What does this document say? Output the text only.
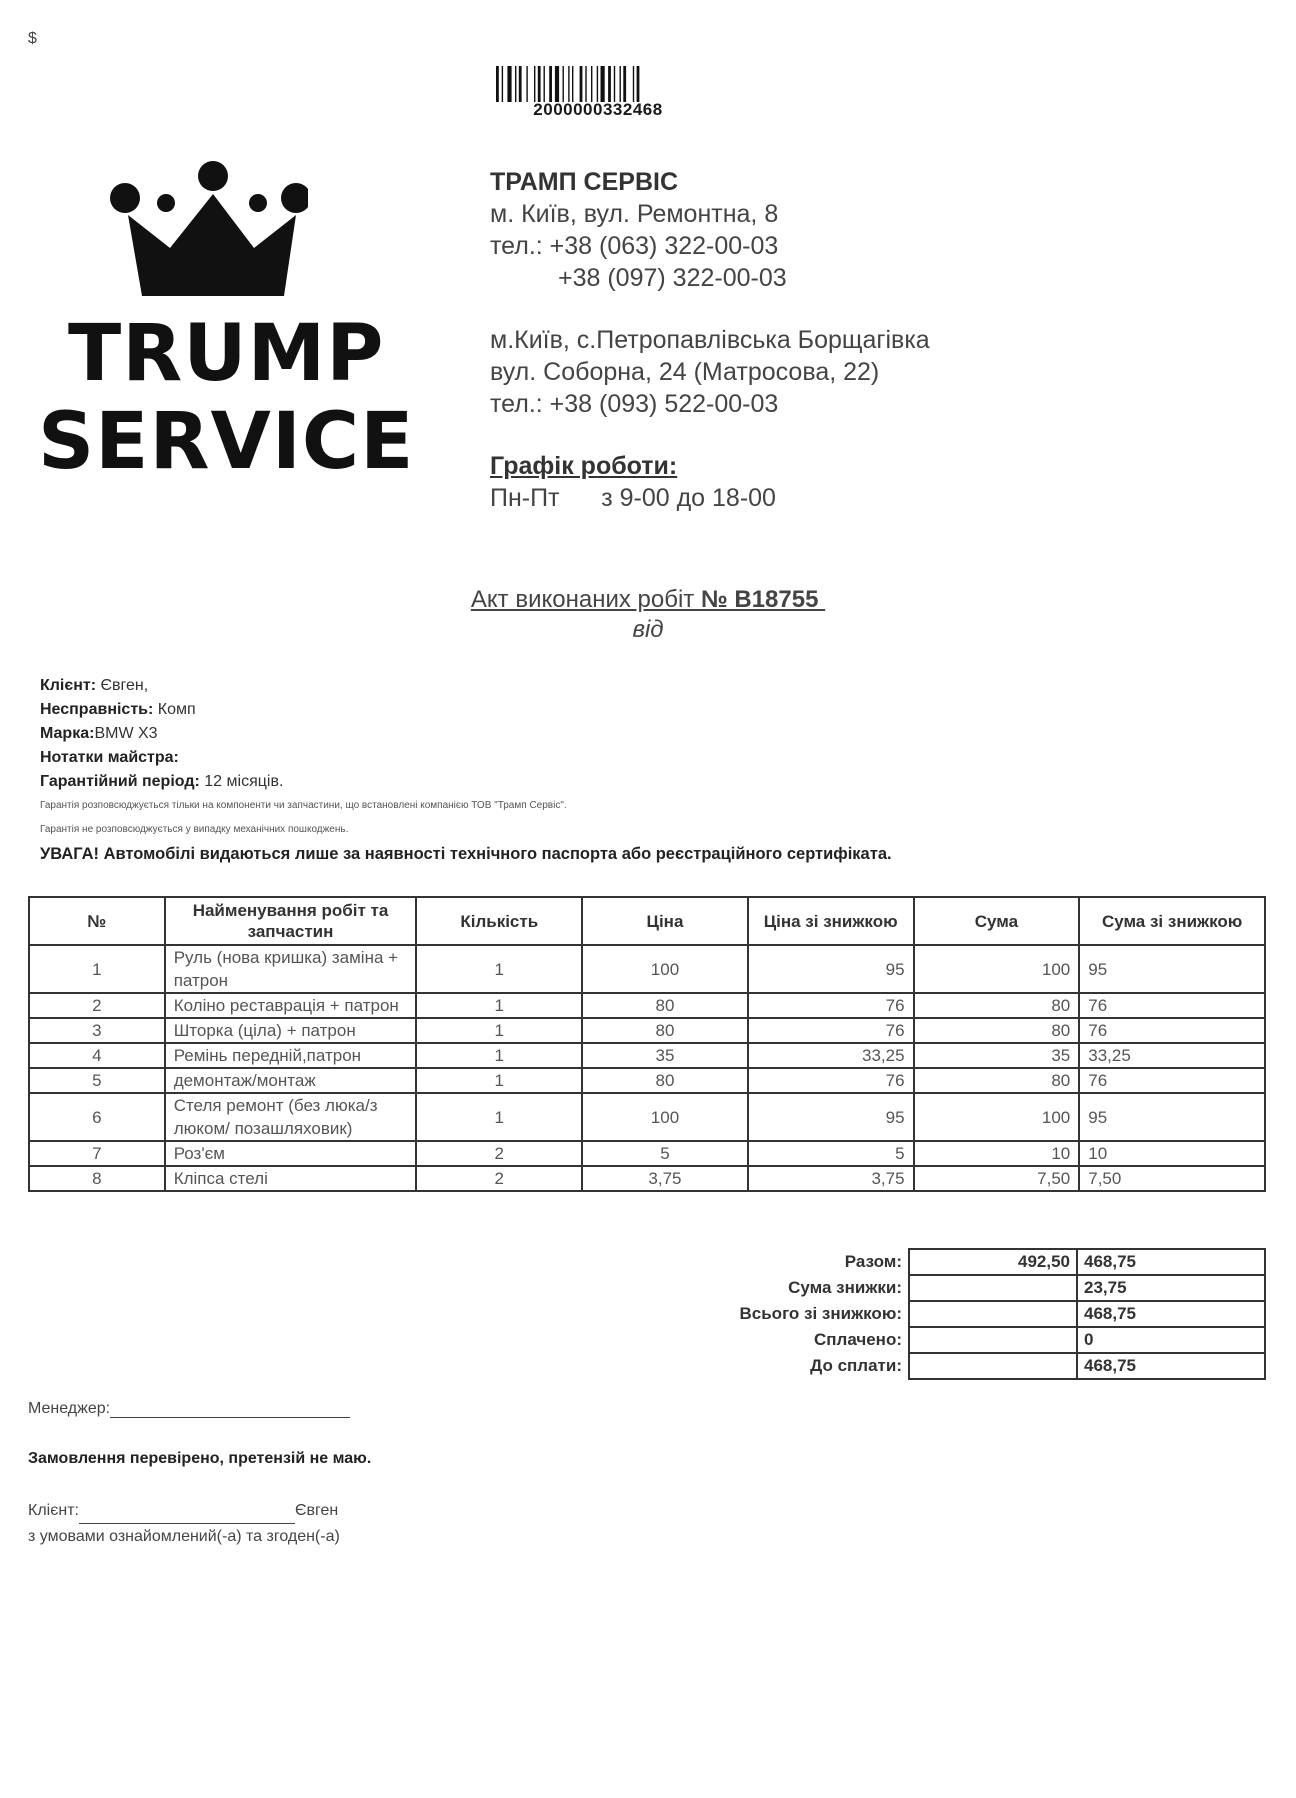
$
2000000332468
TRUMP
SERVICE
ТРАМП СЕРВІС
м. Київ, вул. Ремонтна, 8
тел.: +38 (063) 322-00-03
+38 (097) 322-00-03
м.Київ, с.Петропавлівська Борщагівка
вул. Соборна, 24 (Матросова, 22)
тел.: +38 (093) 522-00-03
Графік роботи:
Пн-Пт      з 9-00 до 18-00
Акт виконаних робіт № B18755
від
Клієнт: Євген,
Несправність: Комп
Марка:BMW X3
Нотатки майстра:
Гарантійний період: 12 місяців.
Гарантія розповсюджується тільки на компоненти чи запчастини, що встановлені компанією ТОВ "Трамп Сервіс".
Гарантія не розповсюджується у випадку механічних пошкоджень.
УВАГА! Автомобілі видаються лише за наявності технічного паспорта або реєстраційного сертифіката.
№	Найменування робіт та запчастин	Кількість	Ціна	Ціна зі знижкою	Сума	Сума зі знижкою
1	Руль (нова кришка) заміна + патрон	1	100	95	100	95
2	Коліно реставрація + патрон	1	80	76	80	76
3	Шторка (ціла) + патрон	1	80	76	80	76
4	Ремінь передній,патрон	1	35	33,25	35	33,25
5	демонтаж/монтаж	1	80	76	80	76
6	Стеля ремонт (без люка/з люком/ позашляховик)	1	100	95	100	95
7	Роз'єм	2	5	5	10	10
8	Кліпса стелі	2	3,75	3,75	7,50	7,50
Разом:	492,50	468,75
Сума знижки:		23,75
Всього зі знижкою:		468,75
Сплачено:		0
До сплати:		468,75
Менеджер:
Замовлення перевірено, претензій не маю.
Клієнт:	Євген
з умовами ознайомлений(-а) та згоден(-а)
